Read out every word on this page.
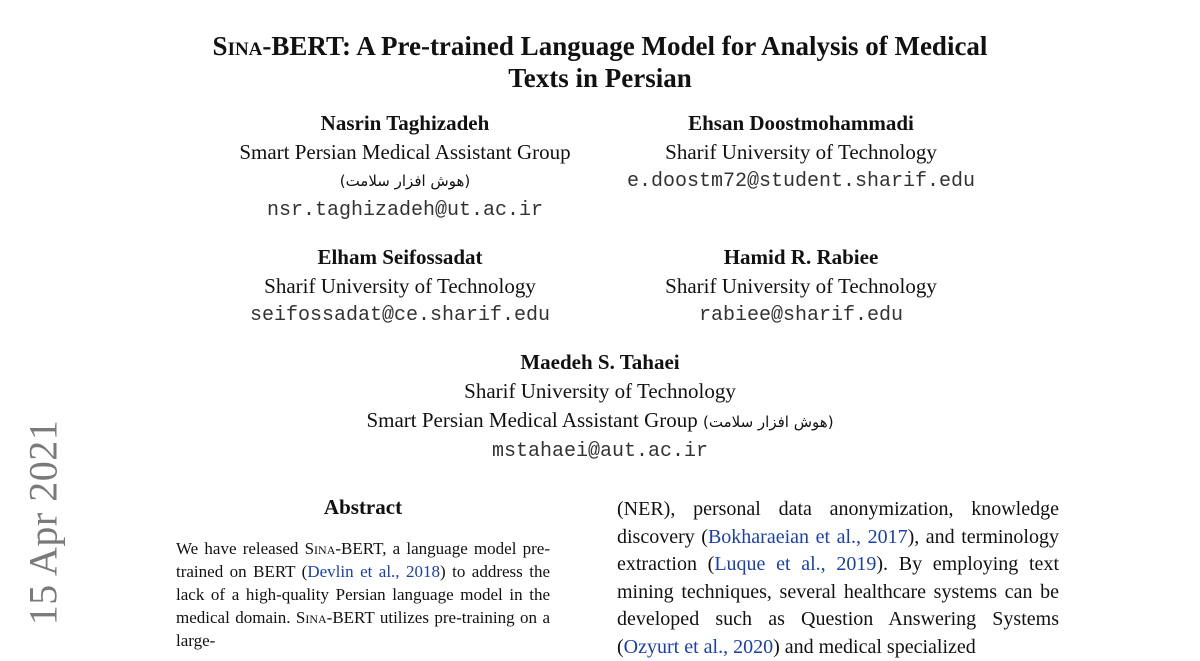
15 Apr 2021
Sina-BERT: A Pre-trained Language Model for Analysis of Medical
Texts in Persian
Nasrin Taghizadeh
Smart Persian Medical Assistant Group
(هوش افزار سلامت)
nsr.taghizadeh@ut.ac.ir
Ehsan Doostmohammadi
Sharif University of Technology
e.doostm72@student.sharif.edu
Elham Seifossadat
Sharif University of Technology
seifossadat@ce.sharif.edu
Hamid R. Rabiee
Sharif University of Technology
rabiee@sharif.edu
Maedeh S. Tahaei
Sharif University of Technology
Smart Persian Medical Assistant Group (هوش افزار سلامت)
mstahaei@aut.ac.ir
Abstract
We have released Sina-BERT, a language model pre-trained on BERT (Devlin et al., 2018) to address the lack of a high-quality Persian language model in the medical domain. Sina-BERT utilizes pre-training on a large-
(NER), personal data anonymization, knowledge discovery (Bokharaeian et al., 2017), and terminology extraction (Luque et al., 2019). By employing text mining techniques, several healthcare systems can be developed such as Question Answering Systems (Ozyurt et al., 2020) and medical specialized
